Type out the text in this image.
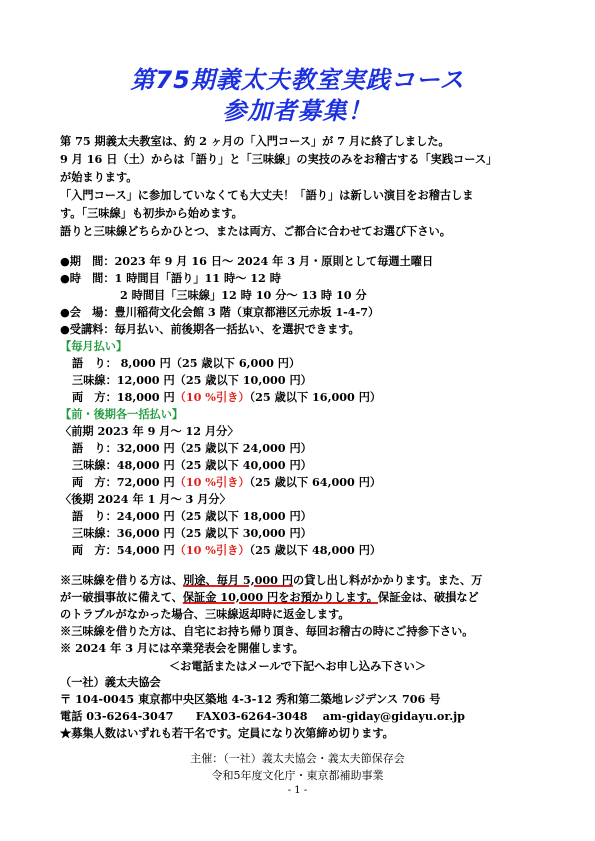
第75期義太夫教室実践コース
参加者募集！
第 75 期義太夫教室は、約 2 ヶ月の「入門コース」が 7 月に終了しました。
9 月 16 日（土）からは「語り」と「三味線」の実技のみをお稽古する「実践コース」
が始まります。
「入門コース」に参加していなくても大丈夫！「語り」は新しい演目をお稽古しま
す。「三味線」も初歩から始めます。
語りと三味線どちらかひとつ、または両方、ご都合に合わせてお選び下さい。
●期　間：2023 年 9 月 16 日～ 2024 年 3 月・原則として毎週土曜日
●時　間：1 時間目「語り」11 時～ 12 時
2 時間目「三味線」12 時 10 分～ 13 時 10 分
●会　場：豊川稲荷文化会館 3 階（東京都港区元赤坂 1-4-7）
●受講料：毎月払い、前後期各一括払い、を選択できます。
【毎月払い】
語　り： 8,000 円（25 歳以下 6,000 円）
三味線：12,000 円（25 歳以下 10,000 円）
両　方：18,000 円（10 %引き）（25 歳以下 16,000 円）
【前・後期各一括払い】
〈前期 2023 年 9 月～ 12 月分〉
語　り：32,000 円（25 歳以下 24,000 円）
三味線：48,000 円（25 歳以下 40,000 円）
両　方：72,000 円（10 %引き）（25 歳以下 64,000 円）
〈後期 2024 年 1 月～ 3 月分〉
語　り：24,000 円（25 歳以下 18,000 円）
三味線：36,000 円（25 歳以下 30,000 円）
両　方：54,000 円（10 %引き）（25 歳以下 48,000 円）
※三味線を借りる方は、別途、毎月 5,000 円の貸し出し料がかかります。また、万
が一破損事故に備えて、保証金 10,000 円をお預かりします。保証金は、破損など
のトラブルがなかった場合、三味線返却時に返金します。
※三味線を借りた方は、自宅にお持ち帰り頂き、毎回お稽古の時にご持参下さい。
※ 2024 年 3 月には卒業発表会を開催します。
＜お電話またはメールで下記へお申し込み下さい＞
（一社）義太夫協会
〒 104-0045 東京都中央区築地 4-3-12 秀和第二築地レジデンス 706 号
電話 03-6264-3047　　FAX03-6264-3048　 am-giday@gidayu.or.jp
★募集人数はいずれも若干名です。定員になり次第締め切ります。
主催：（一社）義太夫協会・義太夫節保存会
令和5年度文化庁・東京都補助事業
- 1 -
